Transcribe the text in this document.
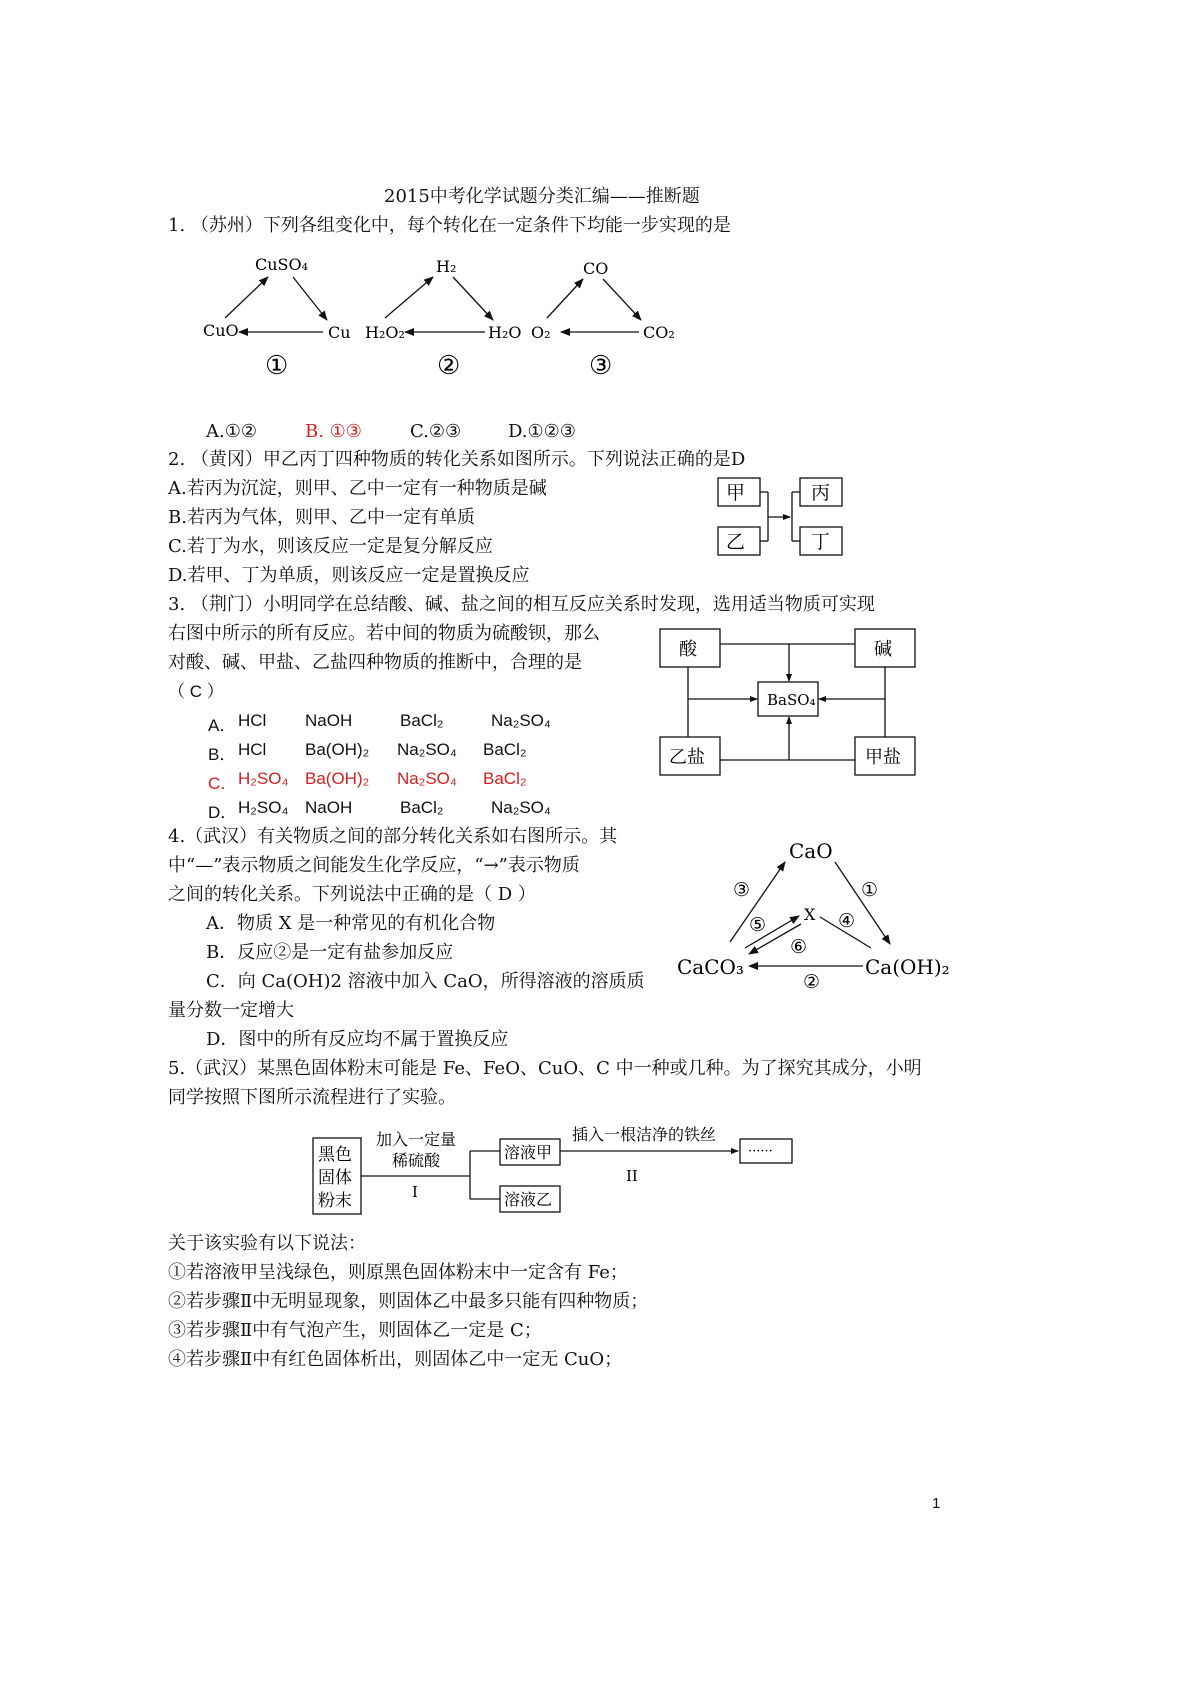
2015中考化学试题分类汇编——推断题
1. （苏州）下列各组变化中，每个转化在一定条件下均能一步实现的是
CuSO₄
CuO	Cu
①
H₂
H₂O₂	H₂O
②
CO
O₂	CO₂
③
A.①②	B. ①③	C.②③	D.①②③
2. （黄冈）甲乙丙丁四种物质的转化关系如图所示。下列说法正确的是D
A.若丙为沉淀，则甲、乙中一定有一种物质是碱
B.若丙为气体，则甲、乙中一定有单质
C.若丁为水，则该反应一定是复分解反应
D.若甲、丁为单质，则该反应一定是置换反应
甲
乙
丙
丁
3. （荆门）小明同学在总结酸、碱、盐之间的相互反应关系时发现，选用适当物质可实现
右图中所示的所有反应。若中间的物质为硫酸钡，那么
对酸、碱、甲盐、乙盐四种物质的推断中，合理的是
（ C ）
A． HCl NaOH	BaCl₂	Na₂SO₄
B． HCl Ba(OH)₂ Na₂SO₄ BaCl₂
C． H₂SO₄ Ba(OH)₂ Na₂SO₄ BaCl₂
D． H₂SO₄ NaOH	BaCl₂	Na₂SO₄
酸	碱
乙盐	甲盐
BaSO₄
4.（武汉）有关物质之间的部分转化关系如右图所示。其
中“—”表示物质之间能发生化学反应，“→”表示物质
之间的转化关系。下列说法中正确的是（ D ）
A．物质 X 是一种常见的有机化合物
B．反应②是一定有盐参加反应
C．向 Ca(OH)2 溶液中加入 CaO，所得溶液的溶质质
量分数一定增大
D．图中的所有反应均不属于置换反应
CaO
CaCO₃	Ca(OH)₂
X
①
②
③
④
⑤
⑥
5.（武汉）某黑色固体粉末可能是 Fe、FeO、CuO、C 中一种或几种。为了探究其成分，小明
同学按照下图所示流程进行了实验。
黑色
固体
粉末
加入一定量
稀硫酸
I
溶液甲
溶液乙
插入一根洁净的铁丝
II
······
关于该实验有以下说法：
①若溶液甲呈浅绿色，则原黑色固体粉末中一定含有 Fe；
②若步骤Ⅱ中无明显现象，则固体乙中最多只能有四种物质；
③若步骤Ⅱ中有气泡产生，则固体乙一定是 C；
④若步骤Ⅱ中有红色固体析出，则固体乙中一定无 CuO；
1
